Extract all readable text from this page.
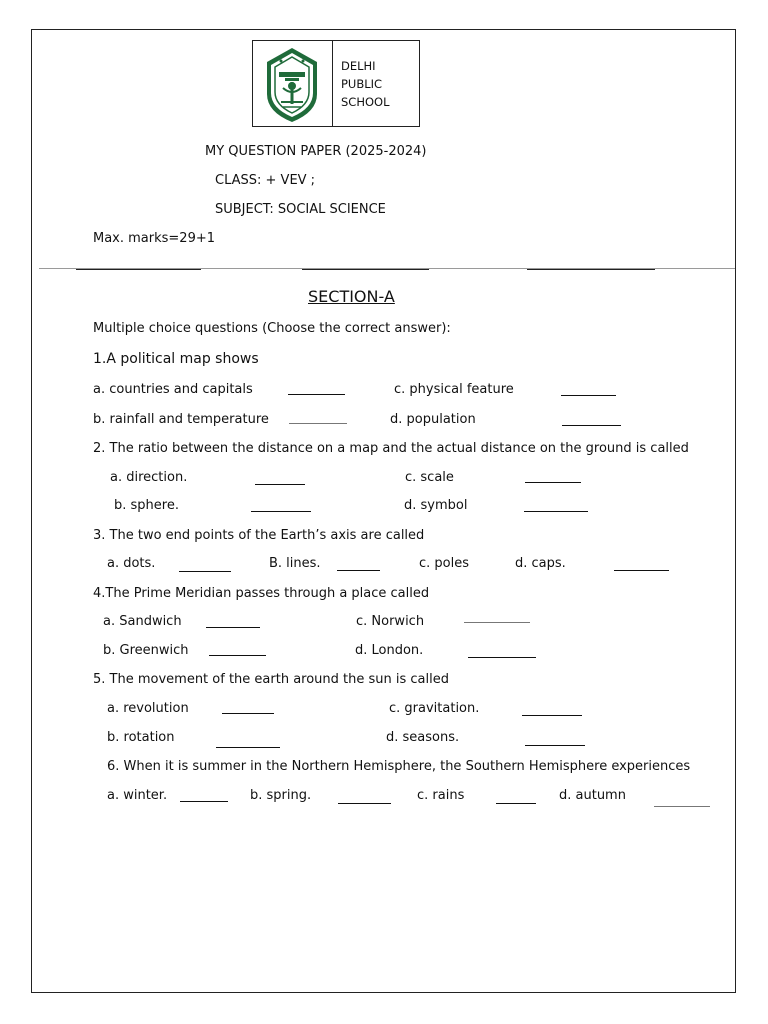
DELHI
PUBLIC
SCHOOL
MY QUESTION PAPER (2025-2024)
CLASS: + VEV ;
SUBJECT: SOCIAL SCIENCE
Max. marks=29+1
SECTION-A
Multiple choice questions (Choose the correct answer):
1.A political map shows
a. countries and capitals	c. physical feature
b. rainfall and temperature	d. population
2. The ratio between the distance on a map and the actual distance on the ground is called
a. direction.	c. scale
b. sphere.	d. symbol
3. The two end points of the Earth’s axis are called
a. dots.	B. lines.	c. poles	d. caps.
4.The Prime Meridian passes through a place called
a. Sandwich	c. Norwich
b. Greenwich	d. London.
5. The movement of the earth around the sun is called
a. revolution	c. gravitation.
b. rotation	d. seasons.
6. When it is summer in the Northern Hemisphere, the Southern Hemisphere experiences
a. winter.	b. spring.	c. rains	d. autumn
